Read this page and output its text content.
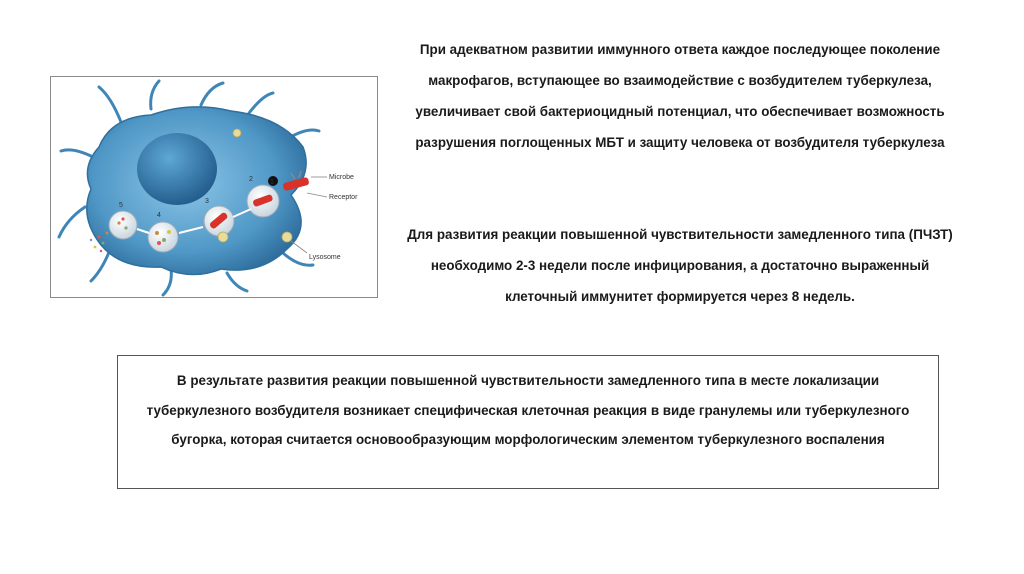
Microbe
Receptor
Lysosome
1
2
3
4
5

При адекватном развитии иммунного ответа каждое последующее поколение макрофагов, вступающее во взаимодействие с возбудителем туберкулеза, увеличивает свой бактериоцидный потенциал, что обеспечивает возможность разрушения поглощенных МБТ и защиту человека от возбудителя туберкулеза

Для развития реакции повышенной чувствительности замедленного типа (ПЧЗТ) необходимо 2-3 недели после инфицирования, а достаточно выраженный клеточный иммунитет формируется через 8 недель.

В результате развития реакции повышенной чувствительности замедленного типа в месте локализации туберкулезного возбудителя возникает специфическая клеточная реакция в виде гранулемы или туберкулезного бугорка, которая считается основообразующим морфологическим элементом туберкулезного воспаления
